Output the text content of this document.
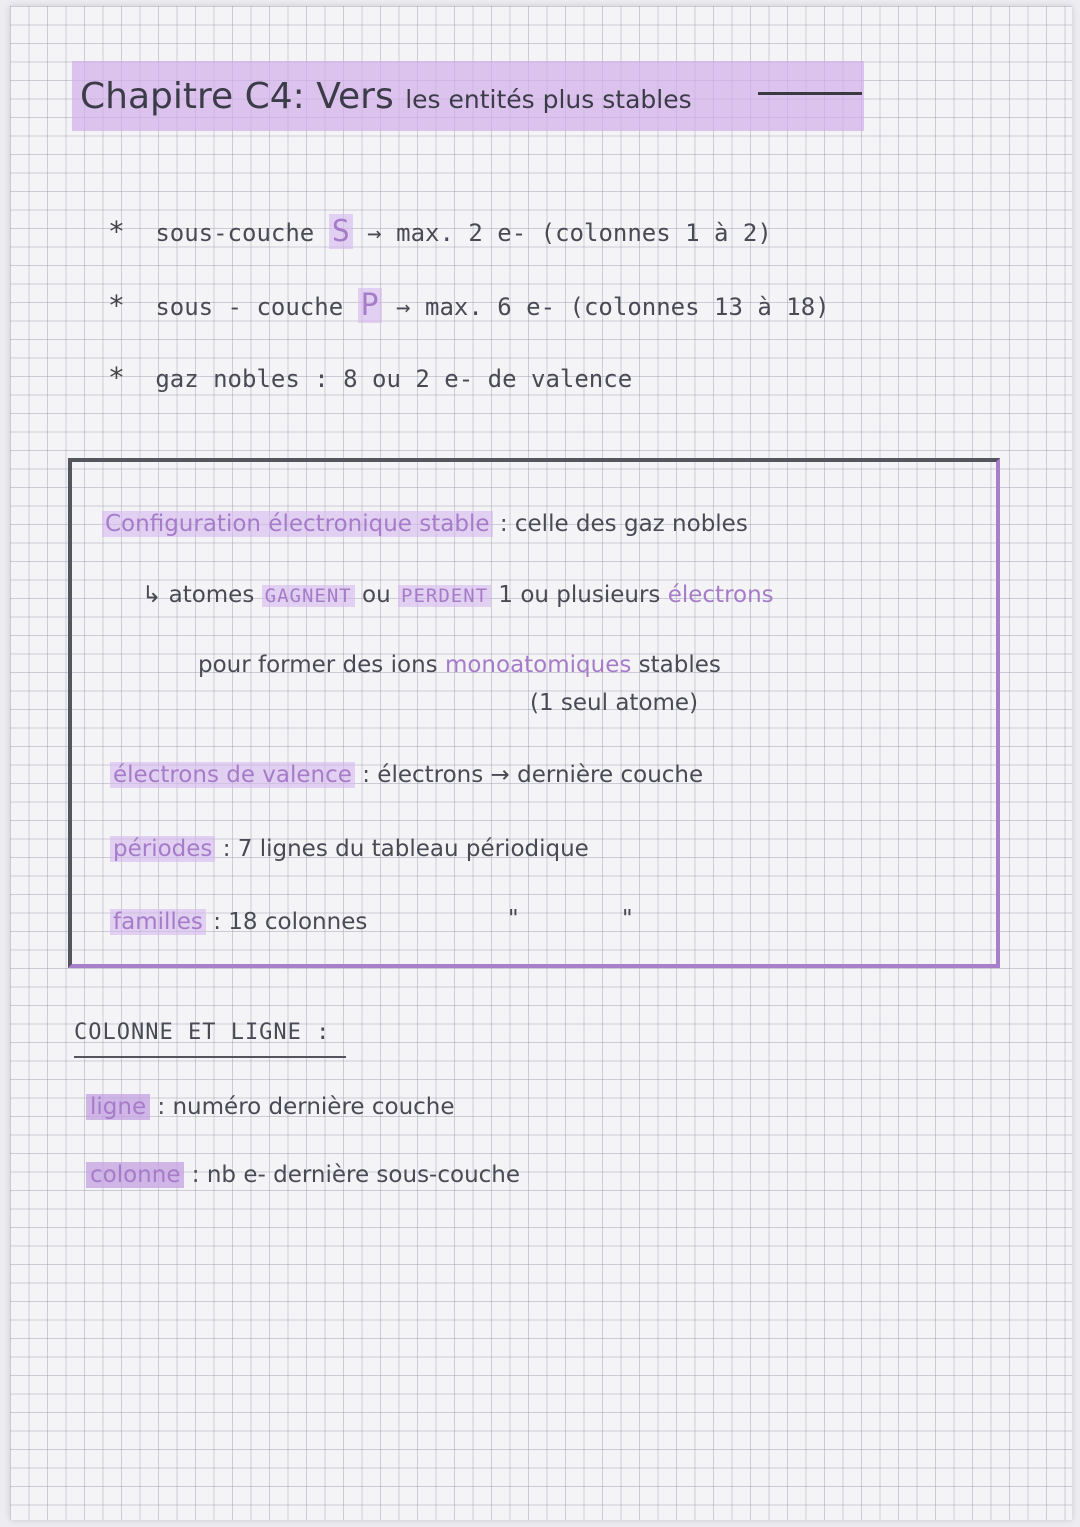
Chapitre C4: Vers les entités plus stables
* sous-couche S → max. 2 e- (colonnes 1 à 2)
* sous - couche P → max. 6 e- (colonnes 13 à 18)
* gaz nobles : 8 ou 2 e- de valence
Configuration électronique stable : celle des gaz nobles
↳ atomes GAGNENT ou PERDENT 1 ou plusieurs électrons
pour former des ions monoatomiques stables
(1 seul atome)
électrons de valence : électrons → dernière couche
périodes : 7 lignes du tableau périodique
familles : 18 colonnes	"	"
COLONNE ET LIGNE :
ligne : numéro dernière couche
colonne : nb e- dernière sous-couche
